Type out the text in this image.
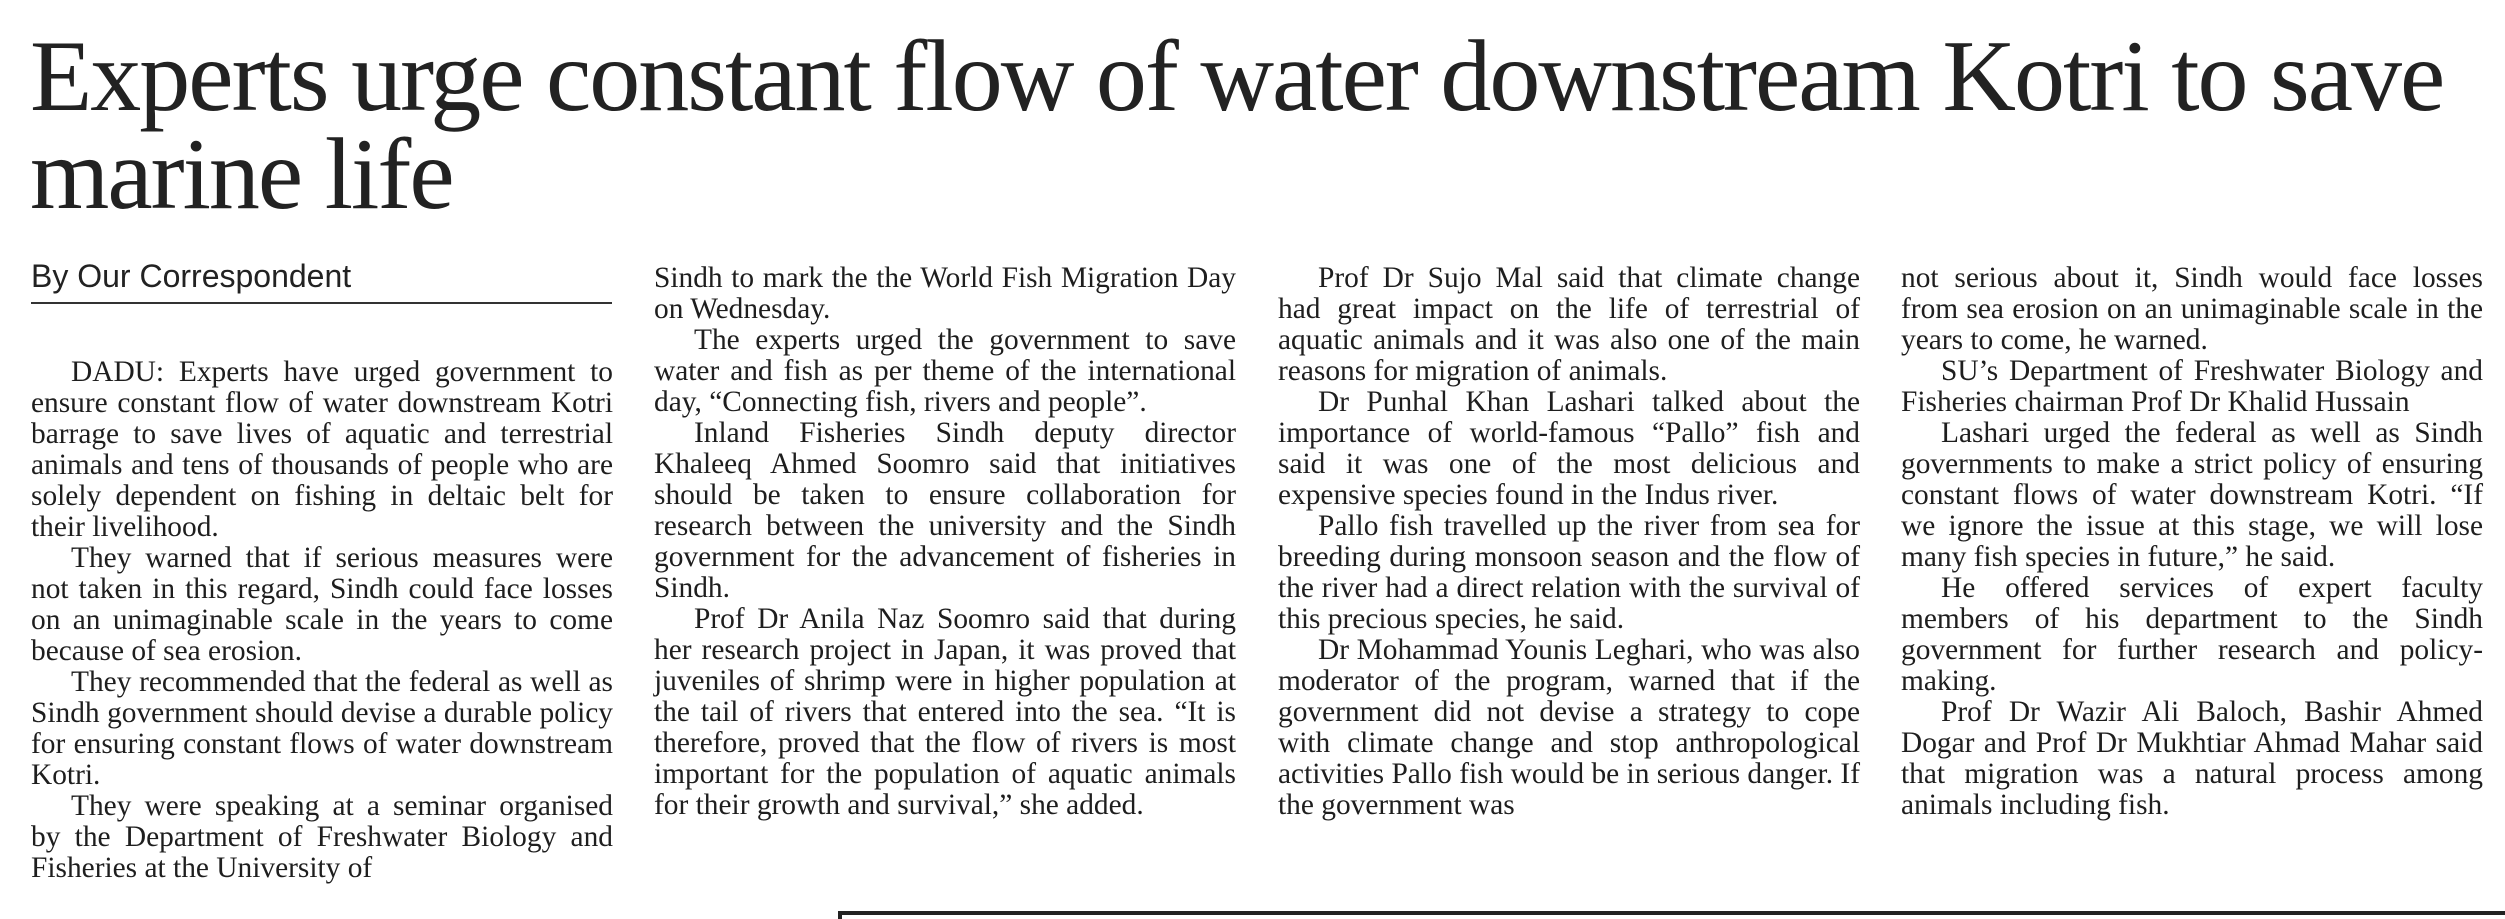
Experts urge constant flow of water downstream Kotri to save marine life
By Our Correspondent

DADU: Experts have urged government to ensure constant flow of water downstream Kotri barrage to save lives of aquatic and terrestrial animals and tens of thousands of people who are solely dependent on fishing in deltaic belt for their livelihood.

They warned that if serious measures were not taken in this regard, Sindh could face losses on an unimaginable scale in the years to come because of sea erosion.

They recommended that the federal as well as Sindh government should devise a durable policy for ensuring constant flows of water downstream Kotri.

They were speaking at a seminar organised by the Department of Freshwater Biology and Fisheries at the University of

Sindh to mark the the World Fish Migration Day on Wednesday.

The experts urged the government to save water and fish as per theme of the international day, “Connecting fish, rivers and people”.

Inland Fisheries Sindh deputy director Khaleeq Ahmed Soomro said that initiatives should be taken to ensure collaboration for research between the university and the Sindh government for the advancement of fisheries in Sindh.

Prof Dr Anila Naz Soomro said that during her research project in Japan, it was proved that juveniles of shrimp were in higher population at the tail of rivers that entered into the sea. “It is therefore, proved that the flow of rivers is most important for the population of aquatic animals for their growth and survival,” she added.

Prof Dr Sujo Mal said that climate change had great impact on the life of terrestrial of aquatic animals and it was also one of the main reasons for migration of animals.

Dr Punhal Khan Lashari talked about the importance of world-famous “Pallo” fish and said it was one of the most delicious and expensive species found in the Indus river.

Pallo fish travelled up the river from sea for breeding during monsoon season and the flow of the river had a direct relation with the survival of this precious species, he said.

Dr Mohammad Younis Leghari, who was also moderator of the program, warned that if the government did not devise a strategy to cope with climate change and stop anthropological activities Pallo fish would be in serious danger. If the government was

not serious about it, Sindh would face losses from sea erosion on an unimaginable scale in the years to come, he warned.

SU’s Department of Freshwater Biology and Fisheries chairman Prof Dr Khalid Hussain

Lashari urged the federal as well as Sindh governments to make a strict policy of ensuring constant flows of water downstream Kotri. “If we ignore the issue at this stage, we will lose many fish species in future,” he said.

He offered services of expert faculty members of his department to the Sindh government for further research and policy-making.

Prof Dr Wazir Ali Baloch, Bashir Ahmed Dogar and Prof Dr Mukhtiar Ahmad Mahar said that migration was a natural process among animals including fish.
